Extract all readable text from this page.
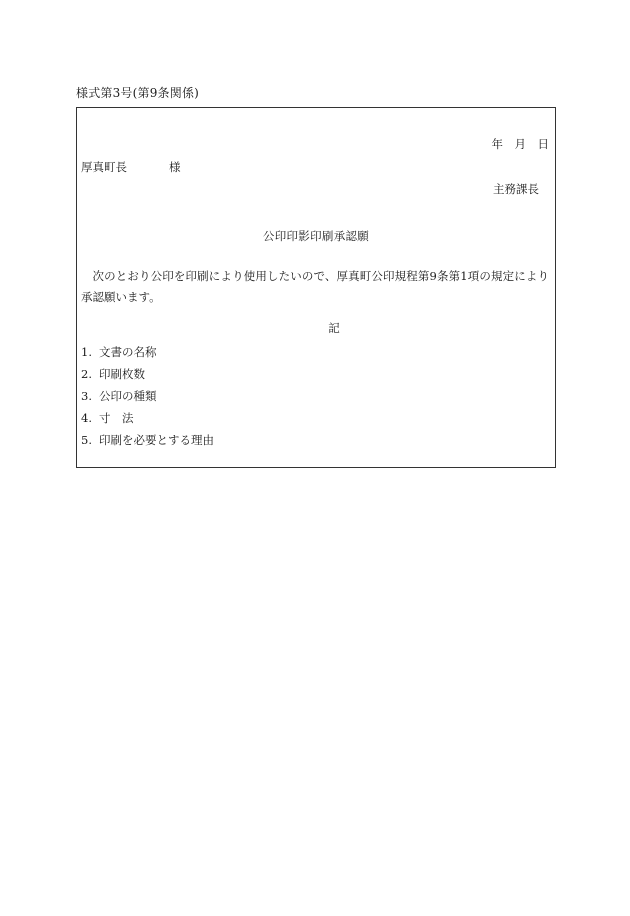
様式第3号(第9条関係)
年　月　日
厚真町長	様
主務課長
公印印影印刷承認願
次のとおり公印を印刷により使用したいので、厚真町公印規程第9条第1項の規定により承認願います。
記
1. 文書の名称
2. 印刷枚数
3. 公印の種類
4. 寸　法
5. 印刷を必要とする理由
